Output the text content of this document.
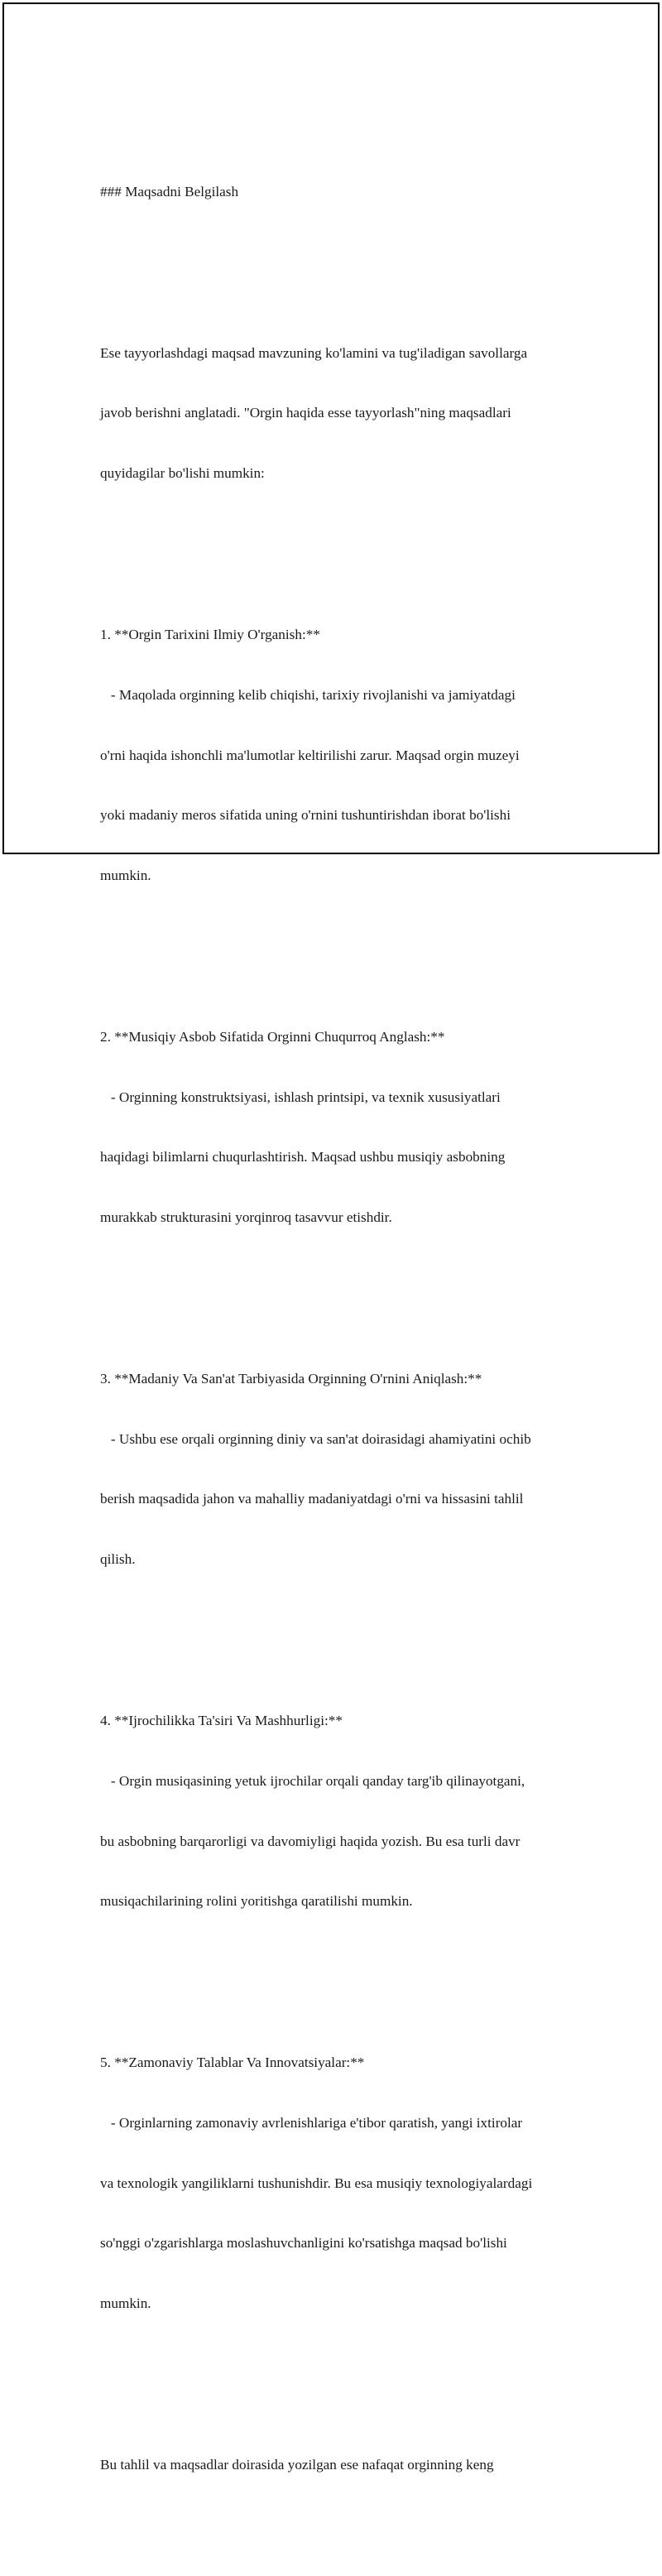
### Maqsadni Belgilash

Ese tayyorlashdagi maqsad mavzuning ko'lamini va tug'iladigan savollarga

javob berishni anglatadi. "Orgin haqida esse tayyorlash"ning maqsadlari

quyidagilar bo'lishi mumkin:

1. **Orgin Tarixini Ilmiy O'rganish:**

- Maqolada orginning kelib chiqishi, tarixiy rivojlanishi va jamiyatdagi

o'rni haqida ishonchli ma'lumotlar keltirilishi zarur. Maqsad orgin muzeyi

yoki madaniy meros sifatida uning o'rnini tushuntirishdan iborat bo'lishi

mumkin.

2. **Musiqiy Asbob Sifatida Orginni Chuqurroq Anglash:**

- Orginning konstruktsiyasi, ishlash printsipi, va texnik xususiyatlari

haqidagi bilimlarni chuqurlashtirish. Maqsad ushbu musiqiy asbobning

murakkab strukturasini yorqinroq tasavvur etishdir.

3. **Madaniy Va San'at Tarbiyasida Orginning O'rnini Aniqlash:**

- Ushbu ese orqali orginning diniy va san'at doirasidagi ahamiyatini ochib

berish maqsadida jahon va mahalliy madaniyatdagi o'rni va hissasini tahlil

qilish.

4. **Ijrochilikka Ta'siri Va Mashhurligi:**

- Orgin musiqasining yetuk ijrochilar orqali qanday targ'ib qilinayotgani,

bu asbobning barqarorligi va davomiyligi haqida yozish. Bu esa turli davr

musiqachilarining rolini yoritishga qaratilishi mumkin.

5. **Zamonaviy Talablar Va Innovatsiyalar:**

- Orginlarning zamonaviy avrlenishlariga e'tibor qaratish, yangi ixtirolar

va texnologik yangiliklarni tushunishdir. Bu esa musiqiy texnologiyalardagi

so'nggi o'zgarishlarga moslashuvchanligini ko'rsatishga maqsad bo'lishi

mumkin.

Bu tahlil va maqsadlar doirasida yozilgan ese nafaqat orginning keng
